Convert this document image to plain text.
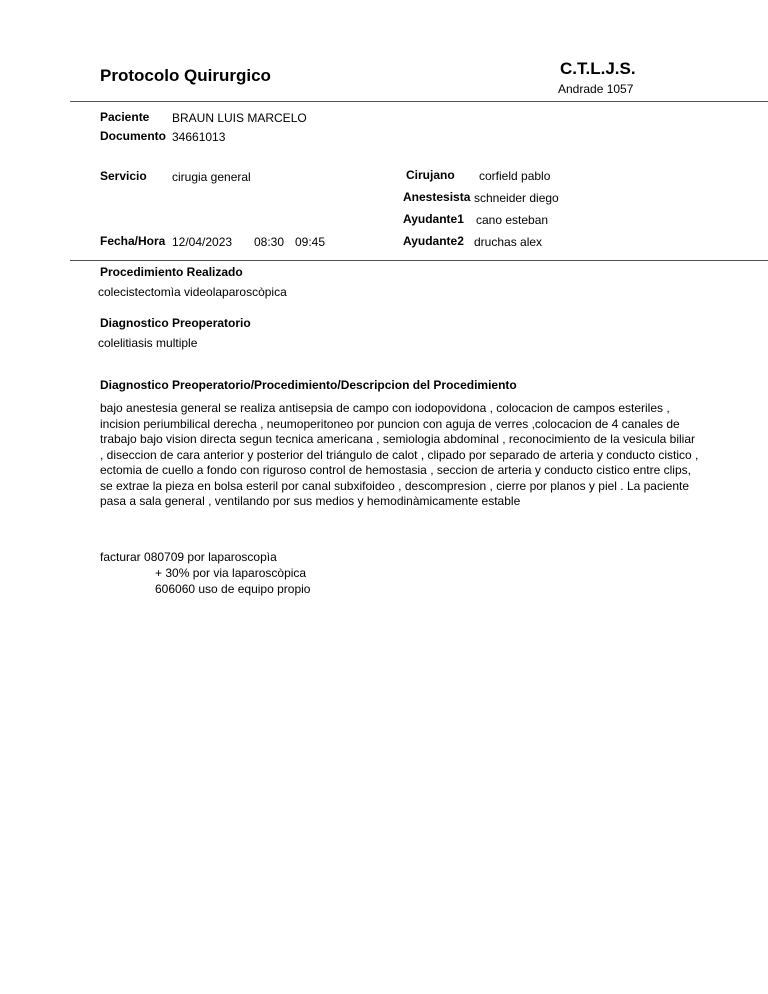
Protocolo Quirurgico	C.T.L.J.S.
Andrade 1057
Paciente BRAUN LUIS MARCELO
Documento 34661013
Servicio cirugia general
Fecha/Hora 12/04/2023 08:30 09:45
Cirujano corfield pablo
Anestesista schneider diego
Ayudante1 cano esteban
Ayudante2 druchas alex
Procedimiento Realizado
colecistectomìa videolaparoscòpica
Diagnostico Preoperatorio
colelitiasis multiple
Diagnostico Preoperatorio/Procedimiento/Descripcion del Procedimiento
bajo anestesia general se realiza antisepsia de campo con iodopovidona , colocacion de campos esteriles , incision periumbilical derecha , neumoperitoneo por puncion con aguja de verres ,colocacion de 4 canales de trabajo bajo vision directa segun tecnica americana , semiologia abdominal , reconocimiento de la vesicula biliar , diseccion de cara anterior y posterior del triángulo de calot , clipado por separado de arteria y conducto cistico , ectomia de cuello a fondo con riguroso control de hemostasia , seccion de arteria y conducto cistico entre clips, se extrae la pieza en bolsa esteril por canal subxifoideo , descompresion , cierre por planos y piel . La paciente pasa a sala general , ventilando por sus medios y hemodinàmicamente estable
facturar 080709 por laparoscopìa
+ 30% por via laparoscòpica
606060 uso de equipo propio
